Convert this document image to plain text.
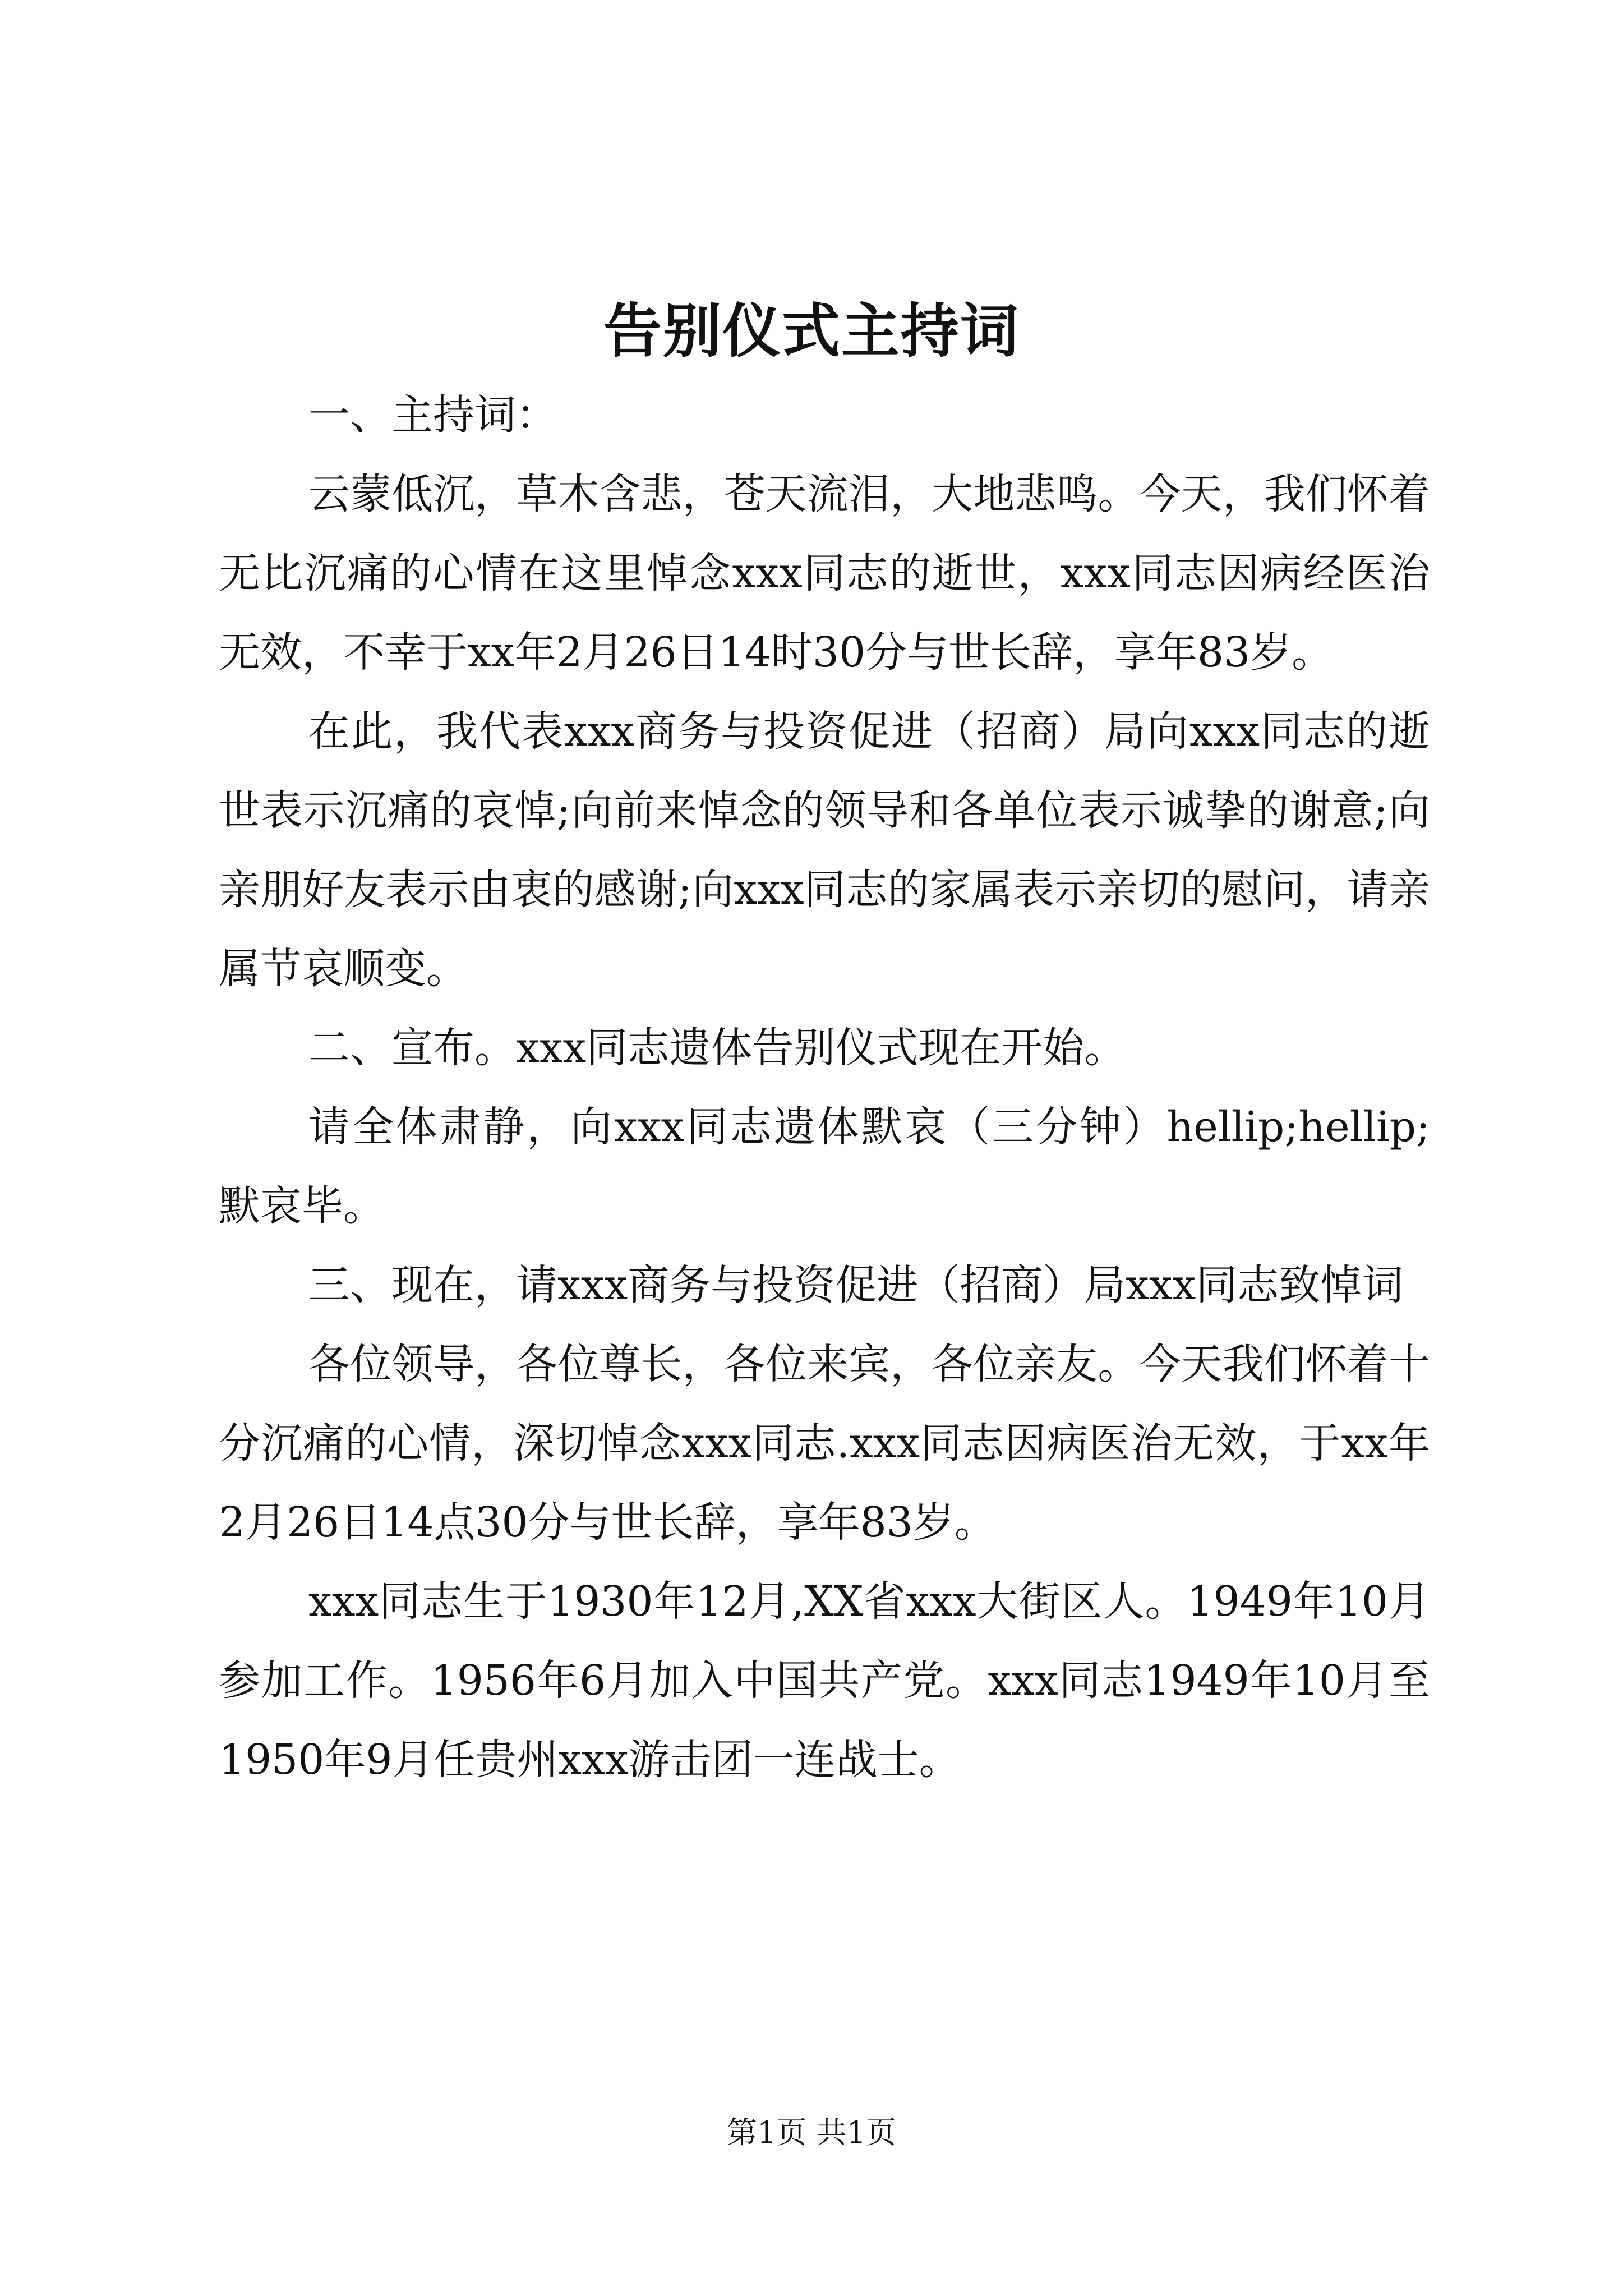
告别仪式主持词

一、主持词：

云蒙低沉，草木含悲，苍天流泪，大地悲鸣。今天，我们怀着无比沉痛的心情在这里悼念xxx同志的逝世，xxx同志因病经医治无效，不幸于xx年2月26日14时30分与世长辞，享年83岁。

在此，我代表xxx商务与投资促进（招商）局向xxx同志的逝世表示沉痛的哀悼;向前来悼念的领导和各单位表示诚挚的谢意;向亲朋好友表示由衷的感谢;向xxx同志的家属表示亲切的慰问，请亲属节哀顺变。

二、宣布。xxx同志遗体告别仪式现在开始。

请全体肃静，向xxx同志遗体默哀（三分钟）hellip;hellip;默哀毕。

三、现在，请xxx商务与投资促进（招商）局xxx同志致悼词

各位领导，各位尊长，各位来宾，各位亲友。今天我们怀着十分沉痛的心情，深切悼念xxx同志.xxx同志因病医治无效，于xx年2月26日14点30分与世长辞，享年83岁。

xxx同志生于1930年12月,XX省xxx大街区人。1949年10月参加工作。1956年6月加入中国共产党。xxx同志1949年10月至1950年9月任贵州xxx游击团一连战士。

第1页 共1页
